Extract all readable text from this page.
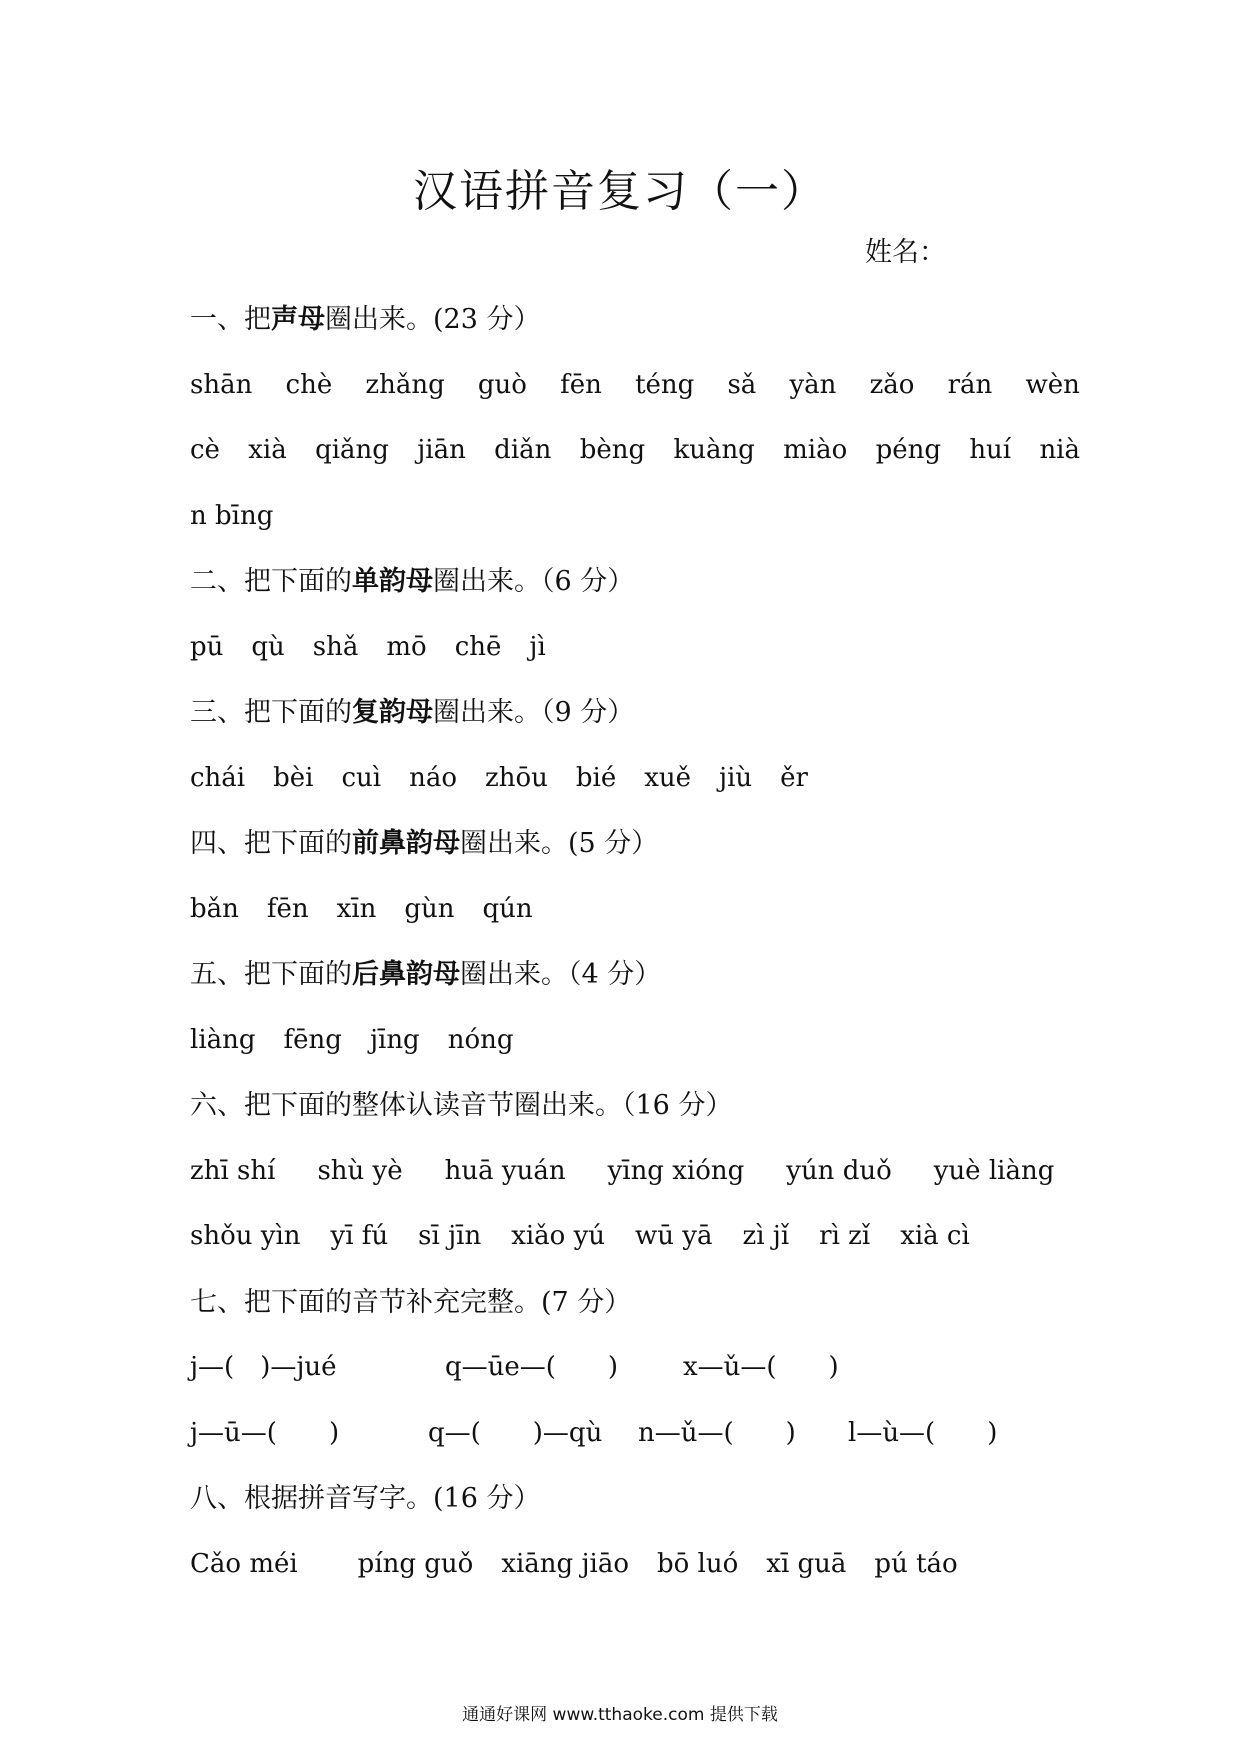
汉语拼音复习（一）
姓名：
一、把声母圈出来。(23 分）
shān chè zhǎng guò fēn téng sǎ yàn zǎo rán wèn
cè xià qiǎng jiān diǎn bèng kuàng miào péng huí nià
n bīng
二、把下面的单韵母圈出来。（6 分）
pū qù shǎ mō chē jì
三、把下面的复韵母圈出来。（9 分）
chái bèi cuì náo zhōu bié xuě jiù ěr
四、把下面的前鼻韵母圈出来。(5 分）
bǎn fēn xīn gùn qún
五、把下面的后鼻韵母圈出来。（4 分）
liàng fēng jīng nóng
六、把下面的整体认读音节圈出来。（16 分）
zhī shí shù yè huā yuán yīng xióng yún duǒ yuè liàng
shǒu yìn yī fú sī jīn xiǎo yú wū yā zì jǐ rì zǐ xià cì
七、把下面的音节补充完整。(7 分）
j—(　)—jué	q—ūe—(　　) x—ǔ—(　　)
j—ū—(　　)	q—(　　)—qù n—ǔ—(　　) l—ù—(　　)
八、根据拼音写字。(16 分）
Cǎo méi píng guǒ xiāng jiāo bō luó xī guā pú táo
通通好课网 www.tthaoke.com 提供下载
